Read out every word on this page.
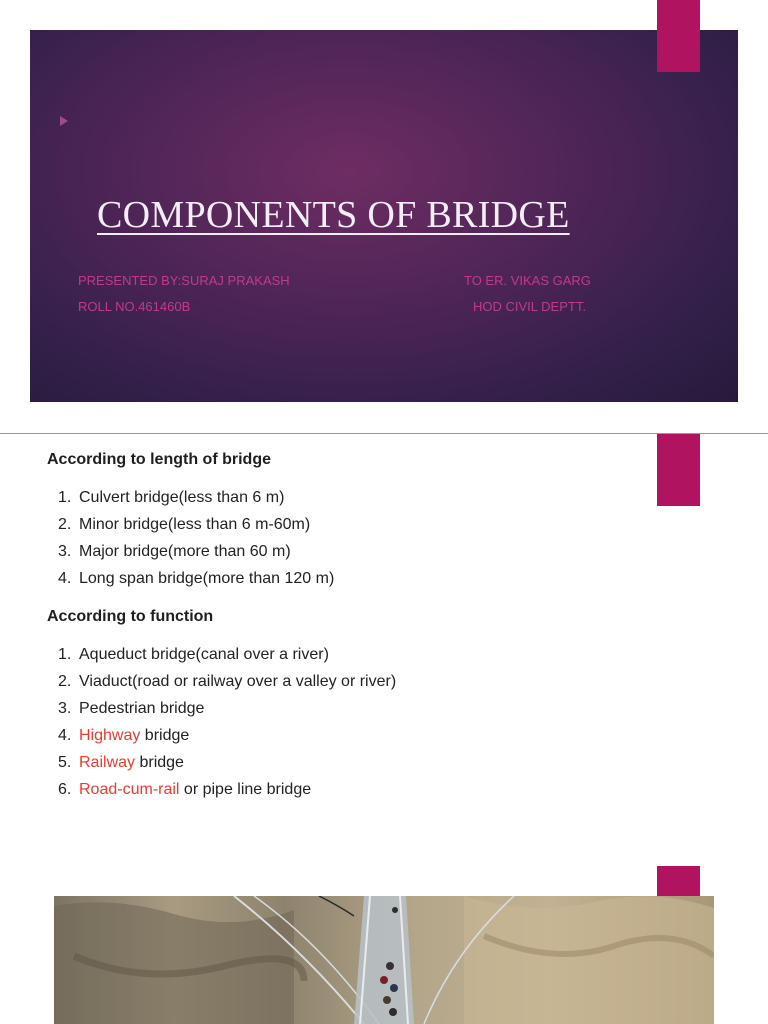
COMPONENTS OF BRIDGE
PRESENTED BY:SURAJ PRAKASH
ROLL NO.461460B
TO ER. VIKAS GARG
HOD CIVIL DEPTT.
According to length of bridge
1. Culvert bridge(less than 6 m)
2. Minor bridge(less than 6 m-60m)
3. Major bridge(more than 60 m)
4. Long span bridge(more than 120 m)
According to function
1. Aqueduct bridge(canal over a river)
2. Viaduct(road or railway over a valley or river)
3. Pedestrian bridge
4. Highway bridge
5. Railway bridge
6. Road-cum-rail or pipe line bridge
